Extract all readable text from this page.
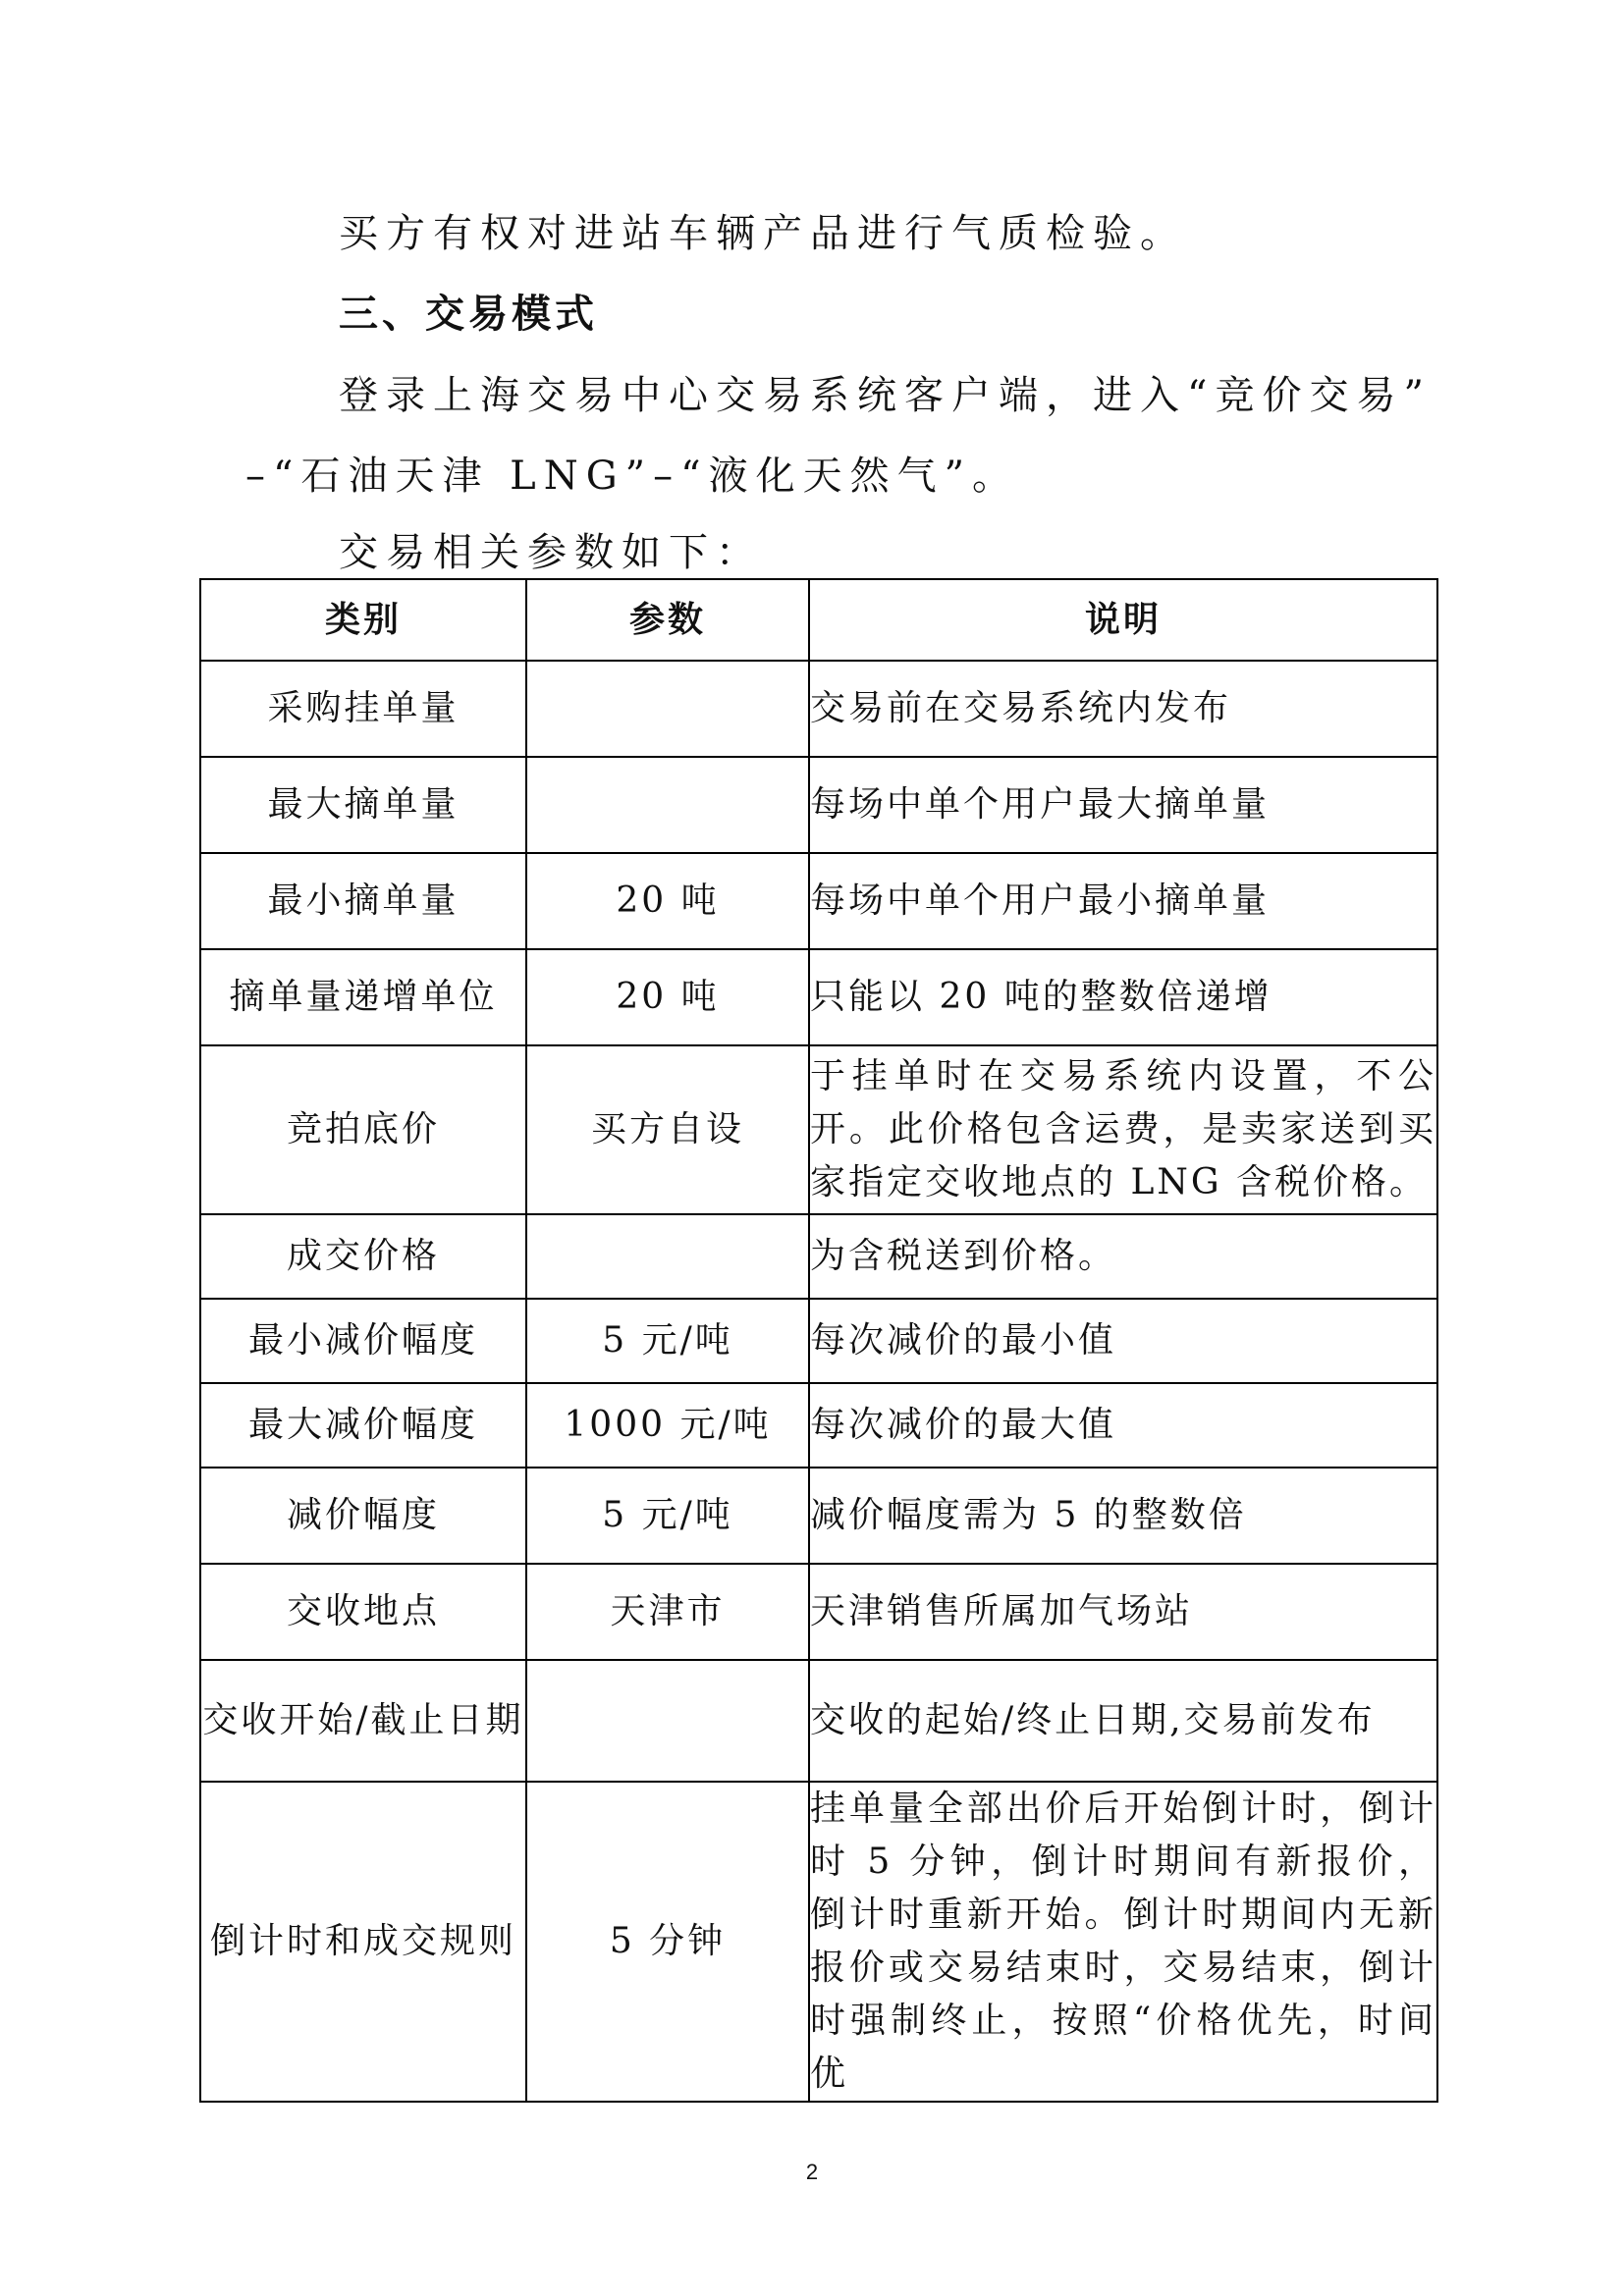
买方有权对进站车辆产品进行气质检验。
三、交易模式
登录上海交易中心交易系统客户端，进入“竞价交易”
–“石油天津 LNG”–“液化天然气”。
交易相关参数如下：
类别	参数	说明
采购挂单量		交易前在交易系统内发布
最大摘单量		每场中单个用户最大摘单量
最小摘单量	20 吨	每场中单个用户最小摘单量
摘单量递增单位	20 吨	只能以 20 吨的整数倍递增
竞拍底价	买方自设	于挂单时在交易系统内设置，不公开。此价格包含运费，是卖家送到买家指定交收地点的 LNG 含税价格。
成交价格		为含税送到价格。
最小减价幅度	5 元/吨	每次减价的最小值
最大减价幅度	1000 元/吨	每次减价的最大值
减价幅度	5 元/吨	减价幅度需为 5 的整数倍
交收地点	天津市	天津销售所属加气场站
交收开始/截止日期		交收的起始/终止日期,交易前发布
倒计时和成交规则	5 分钟	挂单量全部出价后开始倒计时，倒计时 5 分钟，倒计时期间有新报价，倒计时重新开始。倒计时期间内无新报价或交易结束时，交易结束，倒计时强制终止，按照“价格优先，时间优
2
